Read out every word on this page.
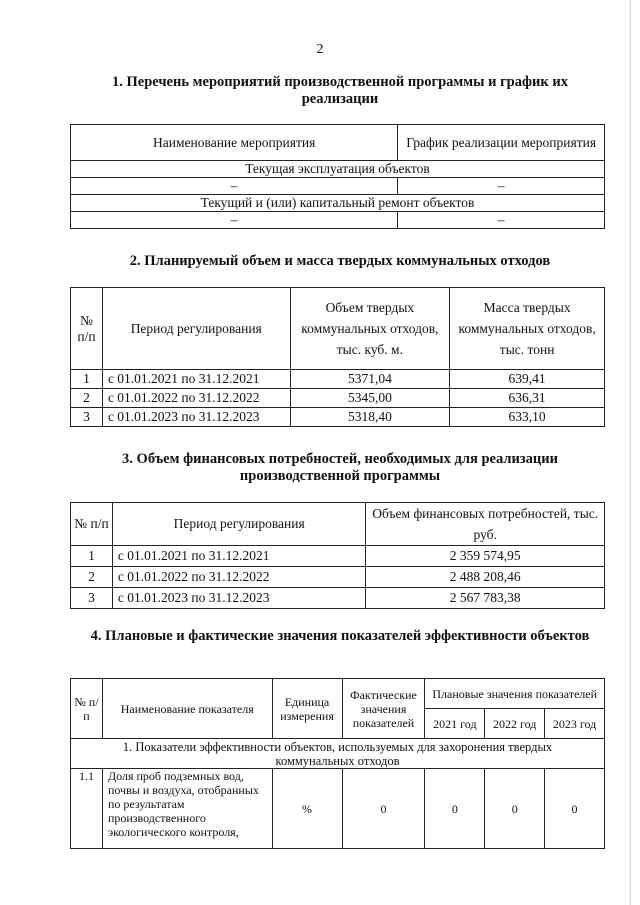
2
1. Перечень мероприятий производственной программы и график их реализации
Наименование мероприятия	График реализации мероприятия
Текущая эксплуатация объектов	
–	–
Текущий и (или) капитальный ремонт объектов	
–	–
2. Планируемый объем и масса твердых коммунальных отходов
№ п/п	Период регулирования	Объем твердых коммунальных отходов, тыс. куб. м.	Масса твердых коммунальных отходов, тыс. тонн
1	с 01.01.2021 по 31.12.2021	5371,04	639,41
2	с 01.01.2022 по 31.12.2022	5345,00	636,31
3	с 01.01.2023 по 31.12.2023	5318,40	633,10
3. Объем финансовых потребностей, необходимых для реализации производственной программы
№ п/п	Период регулирования	Объем финансовых потребностей, тыс. руб.
1	с 01.01.2021 по 31.12.2021	2 359 574,95
2	с 01.01.2022 по 31.12.2022	2 488 208,46
3	с 01.01.2023 по 31.12.2023	2 567 783,38
4. Плановые и фактические значения показателей эффективности объектов
№ п/п	Наименование показателя	Единица измерения	Фактические значения показателей	Плановые значения показателей		
				2021 год	2022 год	2023 год
1. Показатели эффективности объектов, используемых для захоронения твердых коммунальных отходов						
1.1	Доля проб подземных вод, почвы и воздуха, отобранных по результатам производственного экологического контроля,	%	0	0	0	0
